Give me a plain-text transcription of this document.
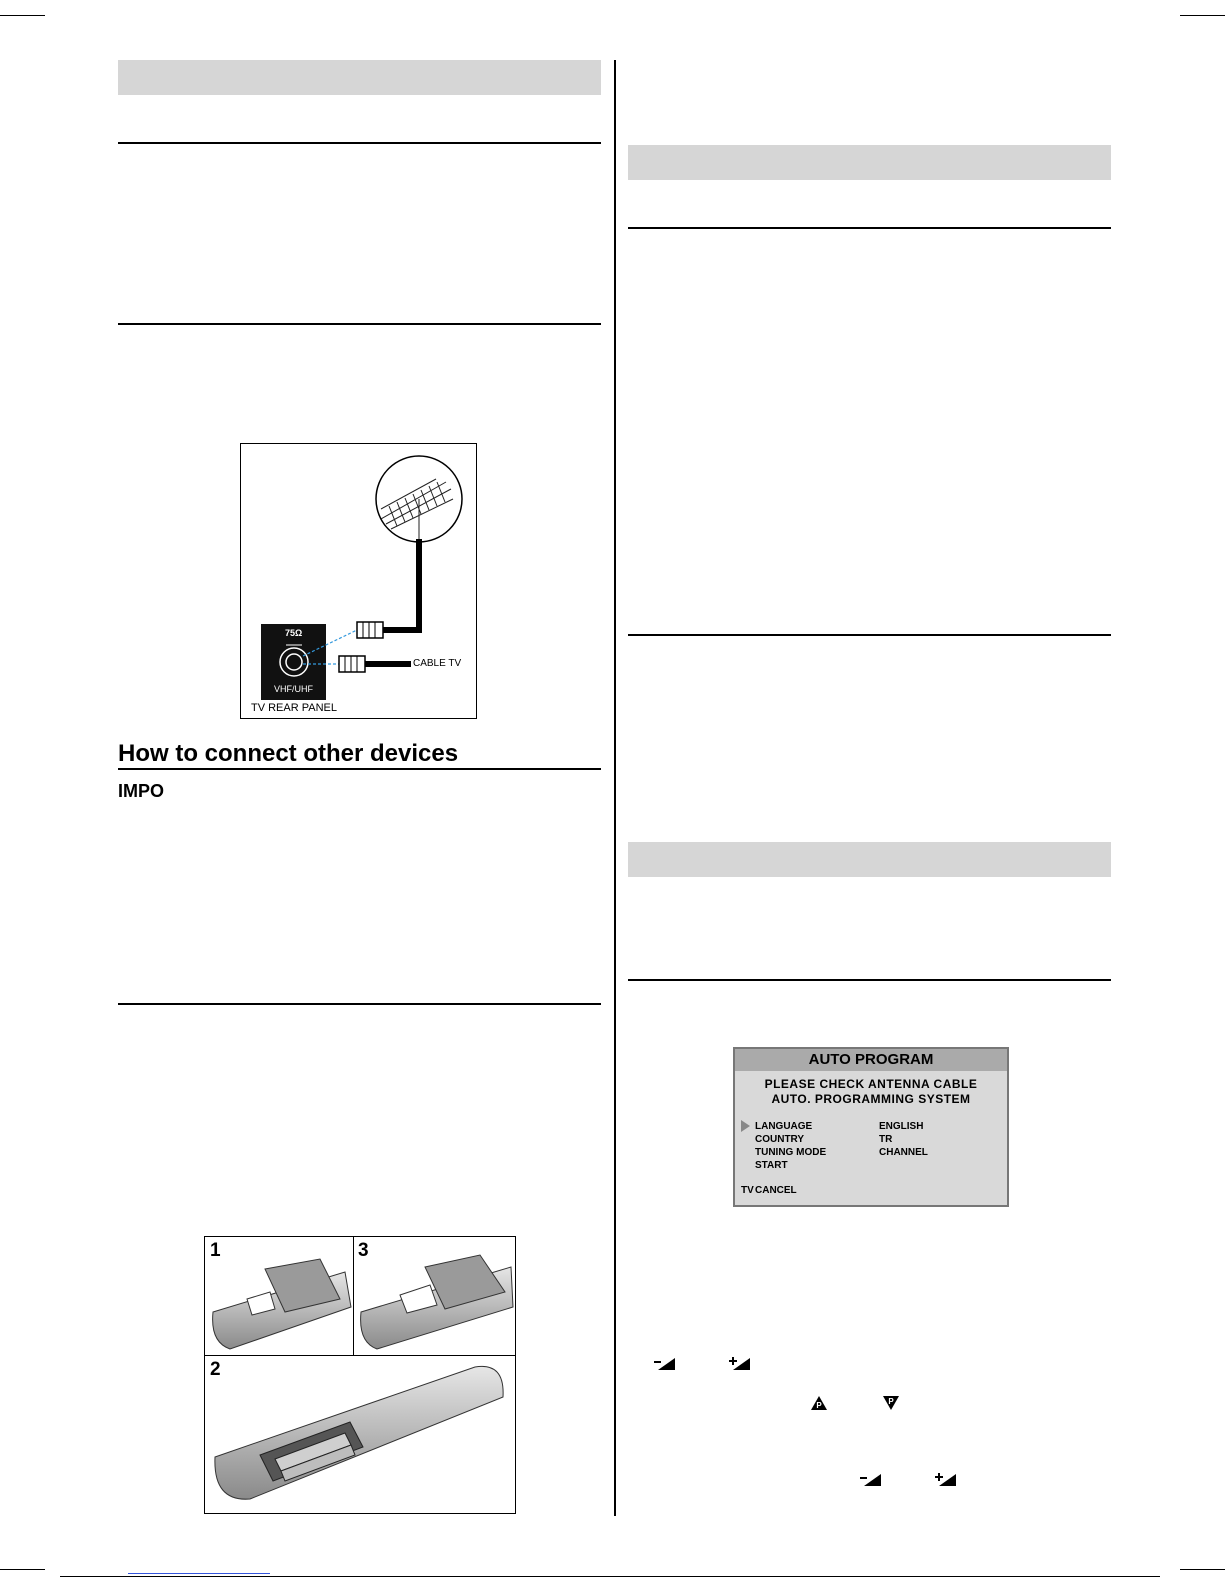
75Ω
VHF/UHF
CABLE TV
TV REAR PANEL
How to connect other devices
IMPO
1	3
2
AUTO PROGRAM
PLEASE CHECK ANTENNA CABLE
AUTO. PROGRAMMING SYSTEM
LANGUAGE	ENGLISH
COUNTRY	TR
TUNING MODE	CHANNEL
START
TV CANCEL
P	P
